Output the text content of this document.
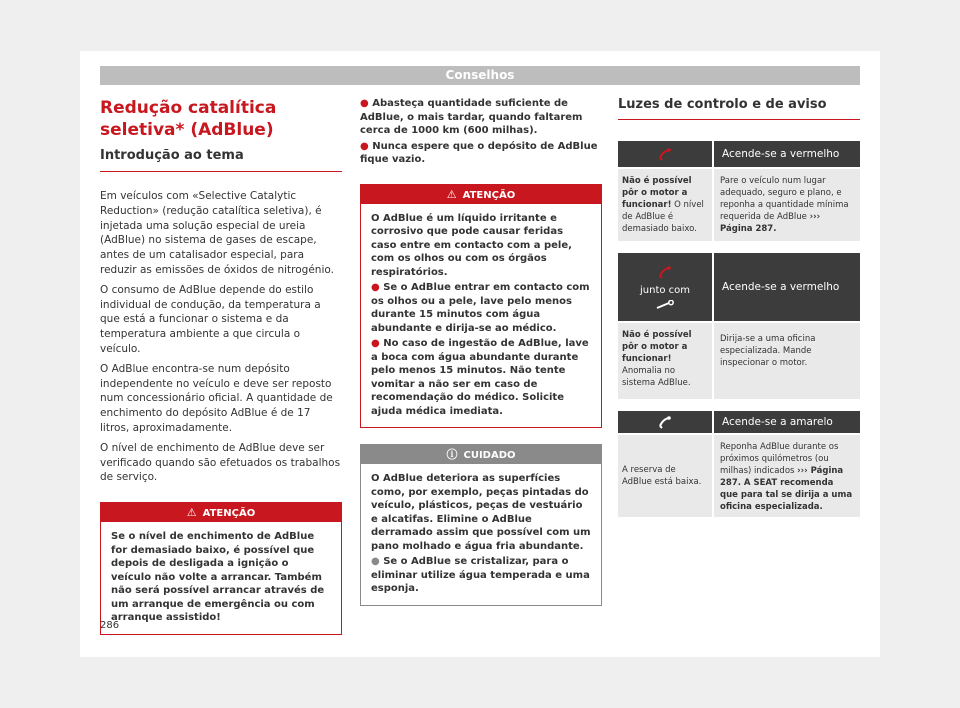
Conselhos
Redução catalítica seletiva* (AdBlue)
Introdução ao tema
Em veículos com «Selective Catalytic Reduction» (redução catalítica seletiva), é injetada uma solução especial de ureia (AdBlue) no sistema de gases de escape, antes de um catalisador especial, para reduzir as emissões de óxidos de nitrogénio.
O consumo de AdBlue depende do estilo individual de condução, da temperatura a que está a funcionar o sistema e da temperatura ambiente a que circula o veículo.
O AdBlue encontra-se num depósito independente no veículo e deve ser reposto num concessionário oficial. A quantidade de enchimento do depósito AdBlue é de 17 litros, aproximadamente.
O nível de enchimento de AdBlue deve ser verificado quando são efetuados os trabalhos de serviço.
⚠ ATENÇÃO
Se o nível de enchimento de AdBlue for demasiado baixo, é possível que depois de desligada a ignição o veículo não volte a arrancar. Também não será possível arrancar através de um arranque de emergência ou com arranque assistido!
● Abasteça quantidade suficiente de AdBlue, o mais tardar, quando faltarem cerca de 1000 km (600 milhas).
● Nunca espere que o depósito de AdBlue fique vazio.
⚠ ATENÇÃO
O AdBlue é um líquido irritante e corrosivo que pode causar feridas caso entre em contacto com a pele, com os olhos ou com os órgãos respiratórios.
● Se o AdBlue entrar em contacto com os olhos ou a pele, lave pelo menos durante 15 minutos com água abundante e dirija-se ao médico.
● No caso de ingestão de AdBlue, lave a boca com água abundante durante pelo menos 15 minutos. Não tente vomitar a não ser em caso de recomendação do médico. Solicite ajuda médica imediata.
ⓘ CUIDADO
O AdBlue deteriora as superfícies como, por exemplo, peças pintadas do veículo, plásticos, peças de vestuário e alcatifas. Elimine o AdBlue derramado assim que possível com um pano molhado e água fria abundante.
● Se o AdBlue se cristalizar, para o eliminar utilize água temperada e uma esponja.
Luzes de controlo e de aviso
Acende-se a vermelho
Não é possível pôr o motor a funcionar! O nível de AdBlue é demasiado baixo.
Pare o veículo num lugar adequado, seguro e plano, e reponha a quantidade mínima requerida de AdBlue ››› Página 287.
junto com	Acende-se a vermelho
Não é possível pôr o motor a funcionar! Anomalia no sistema AdBlue.
Dirija-se a uma oficina especializada. Mande inspecionar o motor.
Acende-se a amarelo
A reserva de AdBlue está baixa.
Reponha AdBlue durante os próximos quilómetros (ou milhas) indicados ››› Página 287. A SEAT recomenda que para tal se dirija a uma oficina especializada.
286
